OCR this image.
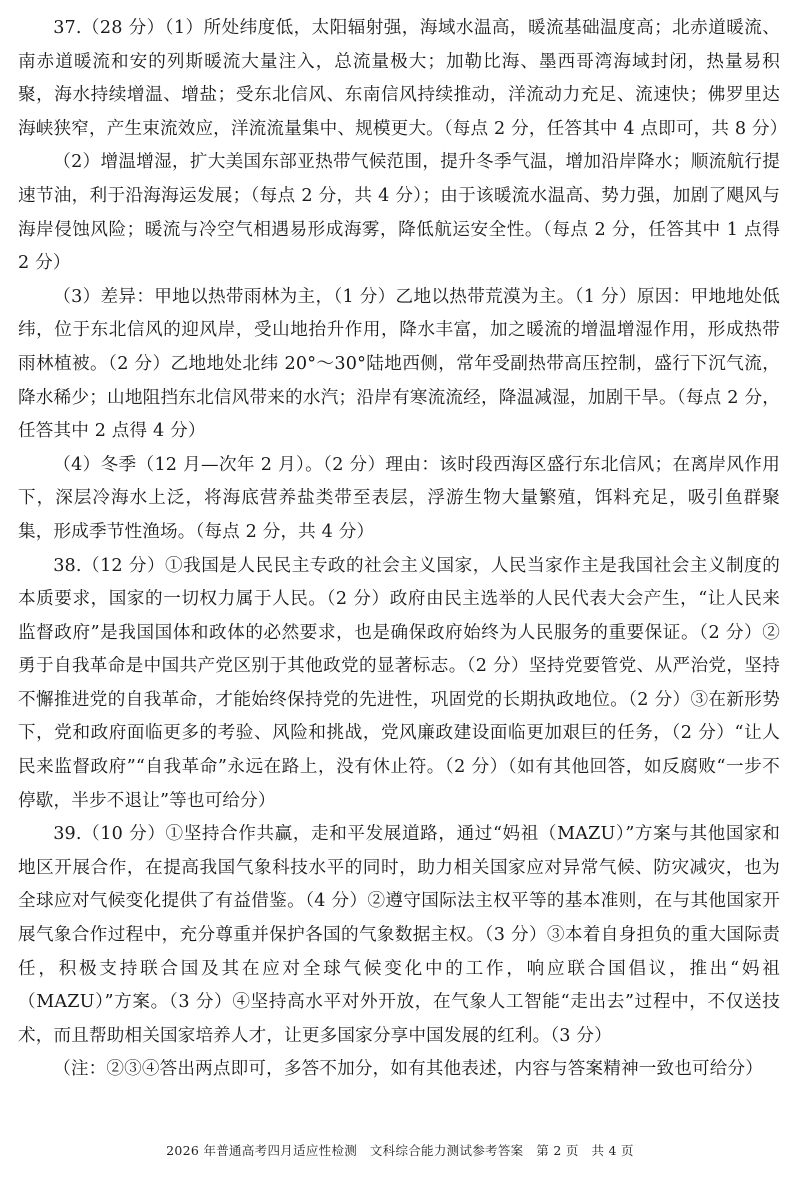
37.（28 分）（1）所处纬度低，太阳辐射强，海域水温高，暖流基础温度高；北赤道暖流、南赤道暖流和安的列斯暖流大量注入，总流量极大；加勒比海、墨西哥湾海域封闭，热量易积聚，海水持续增温、增盐；受东北信风、东南信风持续推动，洋流动力充足、流速快；佛罗里达海峡狭窄，产生束流效应，洋流流量集中、规模更大。（每点 2 分，任答其中 4 点即可，共 8 分）

（2）增温增湿，扩大美国东部亚热带气候范围，提升冬季气温，增加沿岸降水；顺流航行提速节油，利于沿海海运发展；（每点 2 分，共 4 分）；由于该暖流水温高、势力强，加剧了飓风与海岸侵蚀风险；暖流与冷空气相遇易形成海雾，降低航运安全性。（每点 2 分，任答其中 1 点得 2 分）

（3）差异：甲地以热带雨林为主，（1 分）乙地以热带荒漠为主。（1 分）原因：甲地地处低纬，位于东北信风的迎风岸，受山地抬升作用，降水丰富，加之暖流的增温增湿作用，形成热带雨林植被。（2 分）乙地地处北纬 20°～30°陆地西侧，常年受副热带高压控制，盛行下沉气流，降水稀少；山地阻挡东北信风带来的水汽；沿岸有寒流流经，降温减湿，加剧干旱。（每点 2 分，任答其中 2 点得 4 分）

（4）冬季（12 月—次年 2 月）。（2 分）理由：该时段西海区盛行东北信风；在离岸风作用下，深层冷海水上泛，将海底营养盐类带至表层，浮游生物大量繁殖，饵料充足，吸引鱼群聚集，形成季节性渔场。（每点 2 分，共 4 分）

38.（12 分）①我国是人民民主专政的社会主义国家，人民当家作主是我国社会主义制度的本质要求，国家的一切权力属于人民。（2 分）政府由民主选举的人民代表大会产生，“让人民来监督政府”是我国国体和政体的必然要求，也是确保政府始终为人民服务的重要保证。（2 分）②勇于自我革命是中国共产党区别于其他政党的显著标志。（2 分）坚持党要管党、从严治党，坚持不懈推进党的自我革命，才能始终保持党的先进性，巩固党的长期执政地位。（2 分）③在新形势下，党和政府面临更多的考验、风险和挑战，党风廉政建设面临更加艰巨的任务，（2 分）“让人民来监督政府”“自我革命”永远在路上，没有休止符。（2 分）（如有其他回答，如反腐败“一步不停歇，半步不退让”等也可给分）

39.（10 分）①坚持合作共赢，走和平发展道路，通过“妈祖（MAZU）”方案与其他国家和地区开展合作，在提高我国气象科技水平的同时，助力相关国家应对异常气候、防灾减灾，也为全球应对气候变化提供了有益借鉴。（4 分）②遵守国际法主权平等的基本准则，在与其他国家开展气象合作过程中，充分尊重并保护各国的气象数据主权。（3 分）③本着自身担负的重大国际责任，积极支持联合国及其在应对全球气候变化中的工作，响应联合国倡议，推出“妈祖（MAZU）”方案。（3 分）④坚持高水平对外开放，在气象人工智能“走出去”过程中，不仅送技术，而且帮助相关国家培养人才，让更多国家分享中国发展的红利。（3 分）

（注：②③④答出两点即可，多答不加分，如有其他表述，内容与答案精神一致也可给分）

2026 年普通高考四月适应性检测　文科综合能力测试参考答案　第 2 页　共 4 页
